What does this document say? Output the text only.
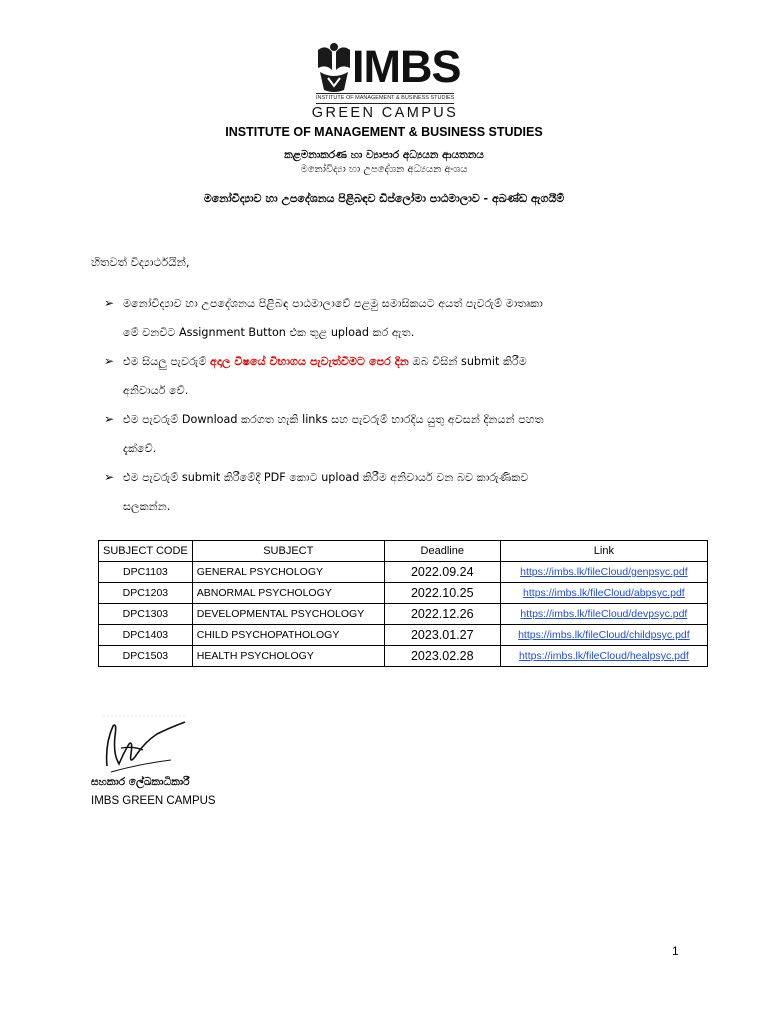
IMBS
INSTITUTE OF MANAGEMENT & BUSINESS STUDIES
GREEN CAMPUS
INSTITUTE OF MANAGEMENT & BUSINESS STUDIES
කළමනාකරණ හා ව්‍යාපාර අධ්‍යයන ආයතනය
මනෝවිද්‍යා හා උපදේශන අධ්‍යයන අංශය
මනෝවිද්‍යාව හා උපදේශනය පිළිබඳව ඩිප්ලෝමා පාඨමාලාව - අඛණ්ඩ ඇගයීම්
හිතවත් විද්‍යාර්ථයින්,
➢ මනෝවිද්‍යාව හා උපදේශනය පිළිබඳ පාඨමාලාවේ පළමු සමාසිකයට අයත් පැවරුම් මාතෘකා
මේ වනවිට Assignment Button එක තුළ upload කර ඇත.
➢ එම සියලු පැවරුම් අදාල විෂයේ විභාගය පැවැත්වීමට පෙර දින ඔබ විසින් submit කිරීම
අනිවාර්ය වේ.
➢ එම පැවරුම් Download කරගත හැකි links සහ පැවරුම් භාරදිය යුතු අවසන් දිනයන් පහත
දැක්වේ.
➢ එම පැවරුම් submit කිරීමේදී PDF කොට upload කිරීම අනිවාර්ය වන බව කාරුණිකව
සලකන්න.
SUBJECT CODE	SUBJECT	Deadline	Link
DPC1103	GENERAL PSYCHOLOGY	2022.09.24	https://imbs.lk/fileCloud/genpsyc.pdf
DPC1203	ABNORMAL PSYCHOLOGY	2022.10.25	https://imbs.lk/fileCloud/abpsyc.pdf
DPC1303	DEVELOPMENTAL PSYCHOLOGY	2022.12.26	https://imbs.lk/fileCloud/devpsyc.pdf
DPC1403	CHILD PSYCHOPATHOLOGY	2023.01.27	https://imbs.lk/fileCloud/childpsyc.pdf
DPC1503	HEALTH PSYCHOLOGY	2023.02.28	https://imbs.lk/fileCloud/healpsyc.pdf
සහකාර ලේඛකාධිකාරී
IMBS GREEN CAMPUS
1
